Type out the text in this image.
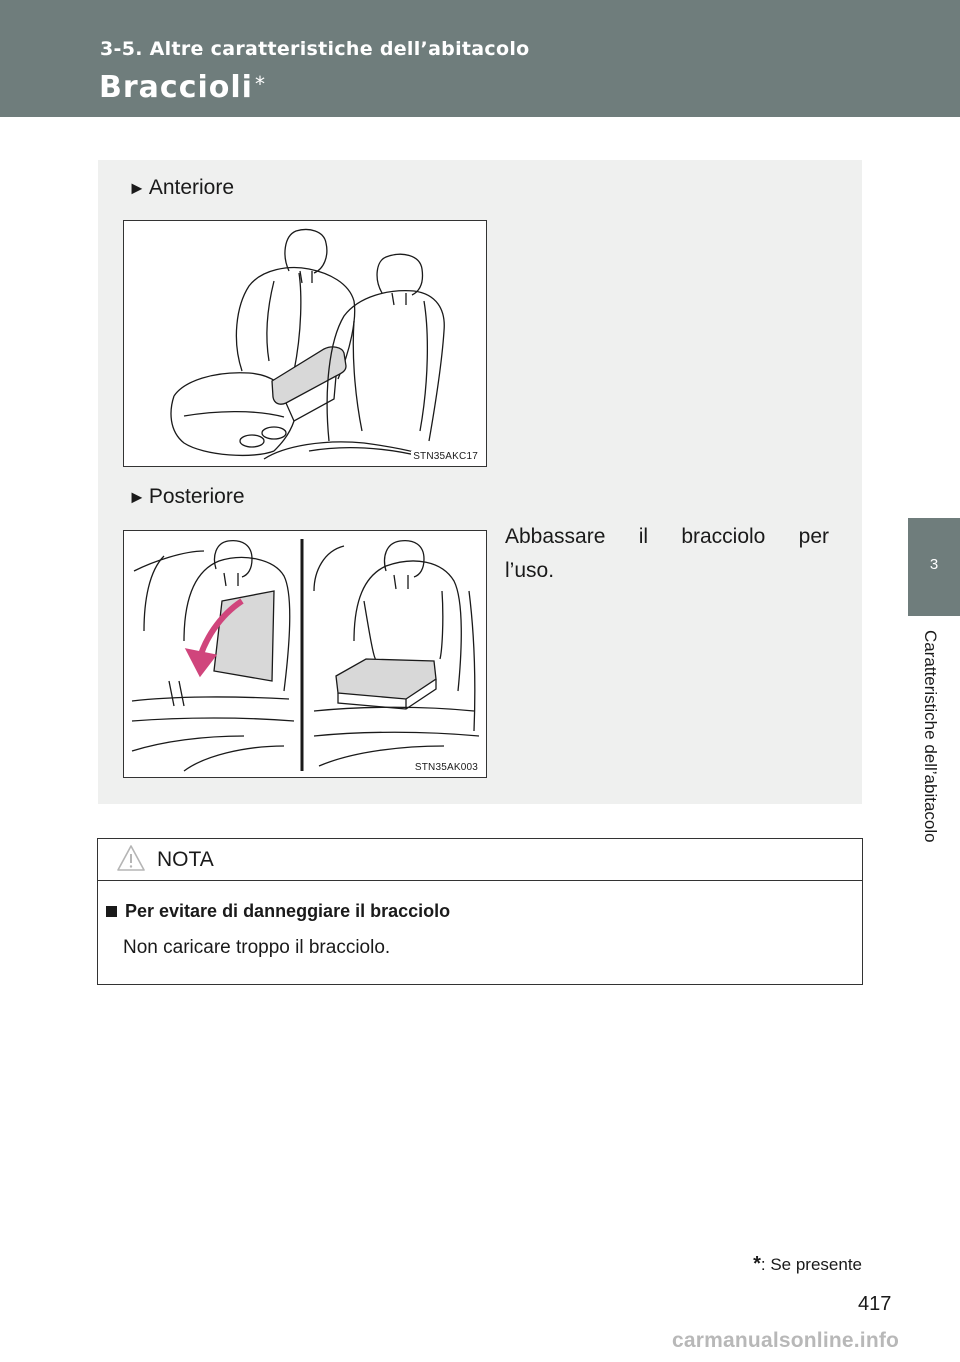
3-5. Altre caratteristiche dell’abitacolo
Braccioli *
3
Caratteristiche dell’abitacolo
► Anteriore
STN35AKC17
► Posteriore
Abbassare il bracciolo per
l’uso.
STN35AK003
NOTA
Per evitare di danneggiare il bracciolo
Non caricare troppo il bracciolo.
*: Se presente
417
carmanualsonline.info
